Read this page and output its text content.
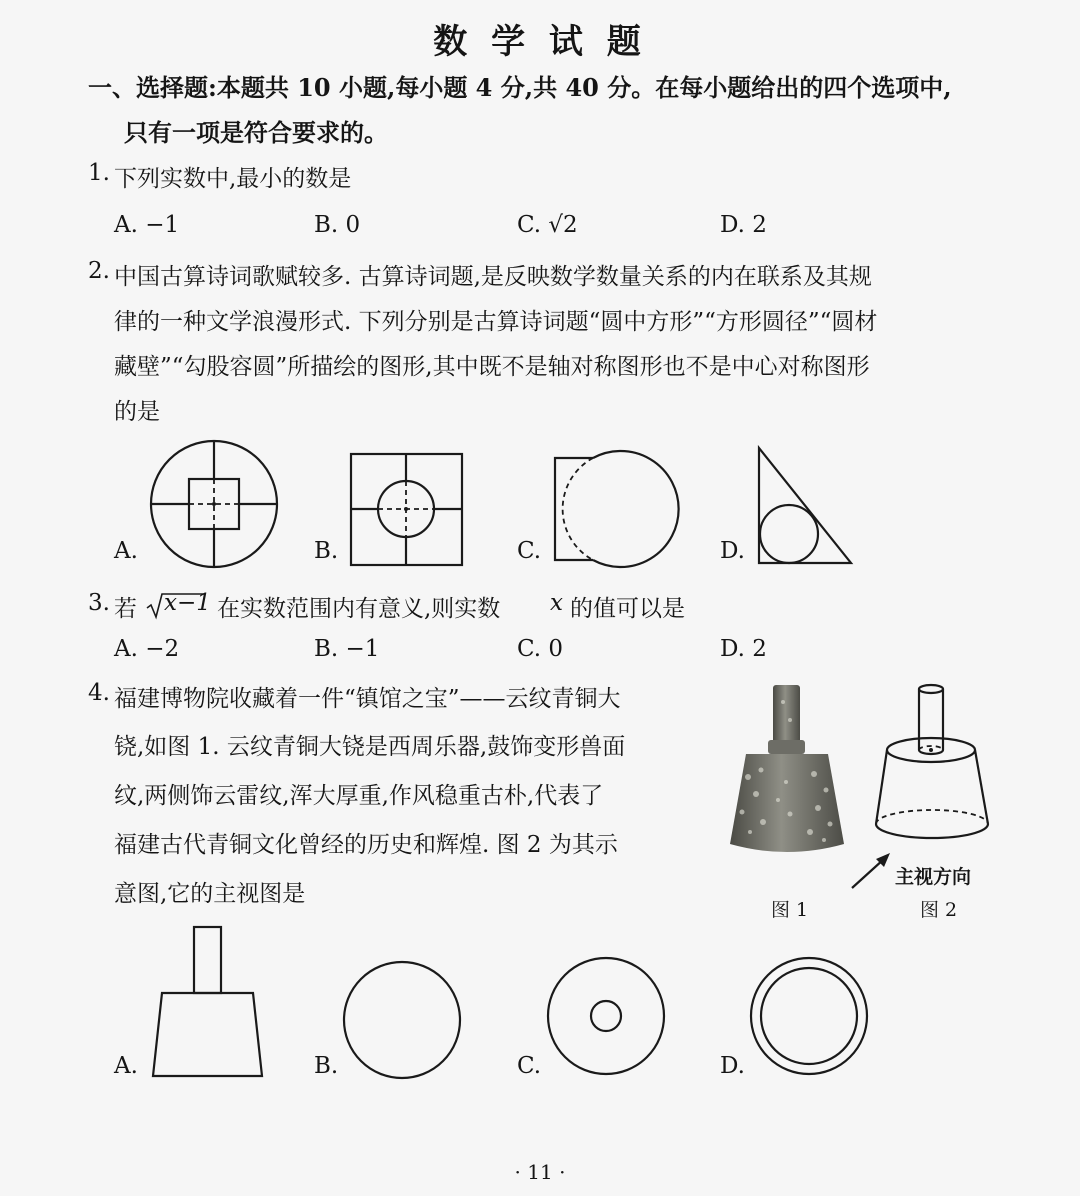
数 学 试 题
一、选择题:本题共 10 小题,每小题 4 分,共 40 分。在每小题给出的四个选项中,
只有一项是符合要求的。
1. 下列实数中,最小的数是
A. −1	B. 0	C. √2	D. 2
2. 中国古算诗词歌赋较多. 古算诗词题,是反映数学数量关系的内在联系及其规
律的一种文学浪漫形式. 下列分别是古算诗词题“圆中方形”“方形圆径”“圆材
藏壁”“勾股容圆”所描绘的图形,其中既不是轴对称图形也不是中心对称图形
的是
A.	B.	C.	D.
3. 若 x−1 在实数范围内有意义,则实数 x 的值可以是
A. −2	B. −1	C. 0	D. 2
4. 福建博物院收藏着一件“镇馆之宝”——云纹青铜大
铙,如图 1. 云纹青铜大铙是西周乐器,鼓饰变形兽面
纹,两侧饰云雷纹,浑大厚重,作风稳重古朴,代表了
福建古代青铜文化曾经的历史和辉煌. 图 2 为其示
意图,它的主视图是
主视方向
图 1	图 2
A.	B.	C.	D.
· 11 ·
